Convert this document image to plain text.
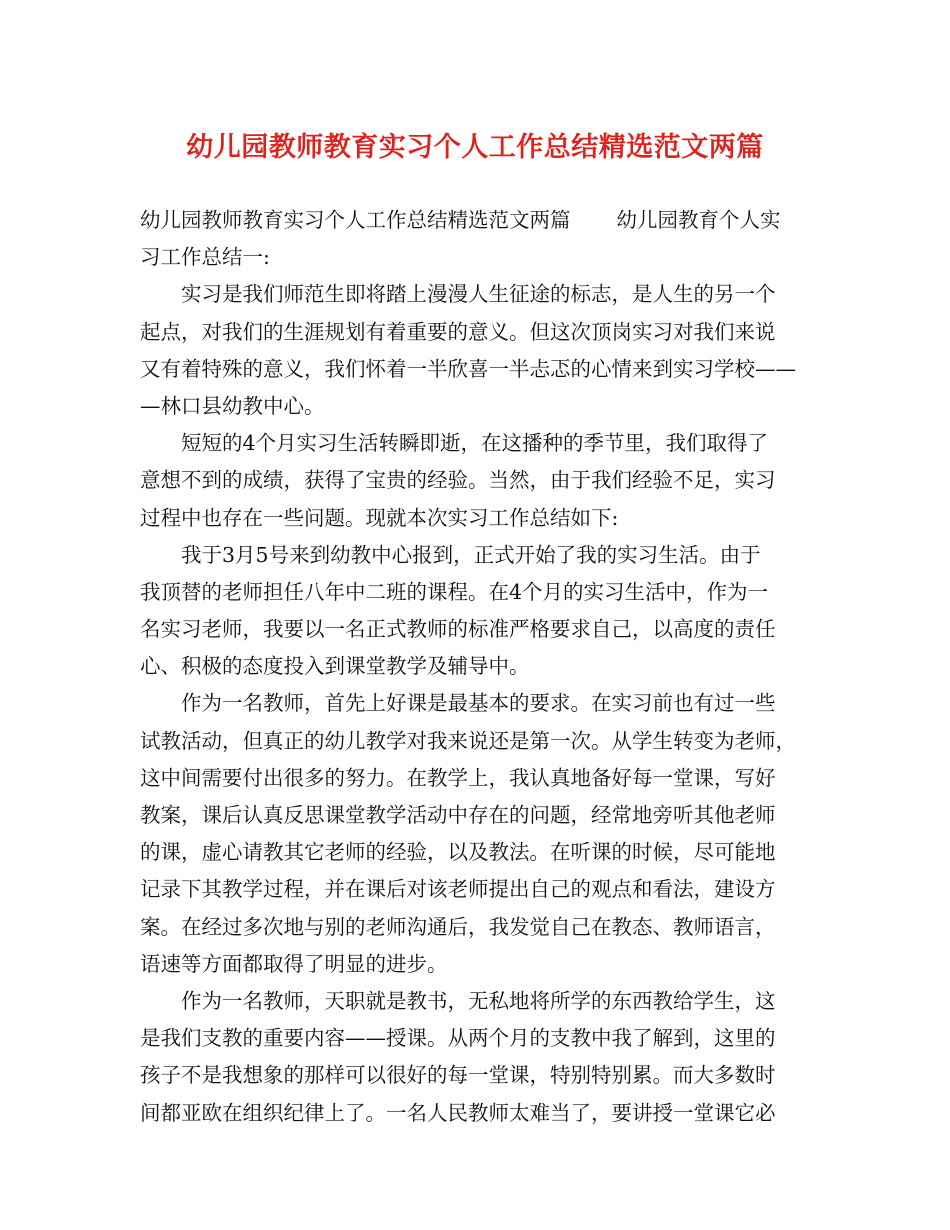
幼儿园教师教育实习个人工作总结精选范文两篇
幼儿园教师教育实习个人工作总结精选范文两篇 幼儿园教育个人实
习工作总结一:
实习是我们师范生即将踏上漫漫人生征途的标志，是人生的另一个
起点，对我们的生涯规划有着重要的意义。但这次顶岗实习对我们来说
又有着特殊的意义，我们怀着一半欣喜一半忐忑的心情来到实习学校——
—林口县幼教中心。
短短的4个月实习生活转瞬即逝，在这播种的季节里，我们取得了
意想不到的成绩，获得了宝贵的经验。当然，由于我们经验不足，实习
过程中也存在一些问题。现就本次实习工作总结如下:
我于3月5号来到幼教中心报到，正式开始了我的实习生活。由于
我顶替的老师担任八年中二班的课程。在4个月的实习生活中，作为一
名实习老师，我要以一名正式教师的标准严格要求自己，以高度的责任
心、积极的态度投入到课堂教学及辅导中。
作为一名教师，首先上好课是最基本的要求。在实习前也有过一些
试教活动，但真正的幼儿教学对我来说还是第一次。从学生转变为老师，
这中间需要付出很多的努力。在教学上，我认真地备好每一堂课，写好
教案，课后认真反思课堂教学活动中存在的问题，经常地旁听其他老师
的课，虚心请教其它老师的经验，以及教法。在听课的时候，尽可能地
记录下其教学过程，并在课后对该老师提出自己的观点和看法，建设方
案。在经过多次地与别的老师沟通后，我发觉自己在教态、教师语言，
语速等方面都取得了明显的进步。
作为一名教师，天职就是教书，无私地将所学的东西教给学生，这
是我们支教的重要内容——授课。从两个月的支教中我了解到，这里的
孩子不是我想象的那样可以很好的每一堂课，特别特别累。而大多数时
间都亚欧在组织纪律上了。一名人民教师太难当了，要讲授一堂课它必
